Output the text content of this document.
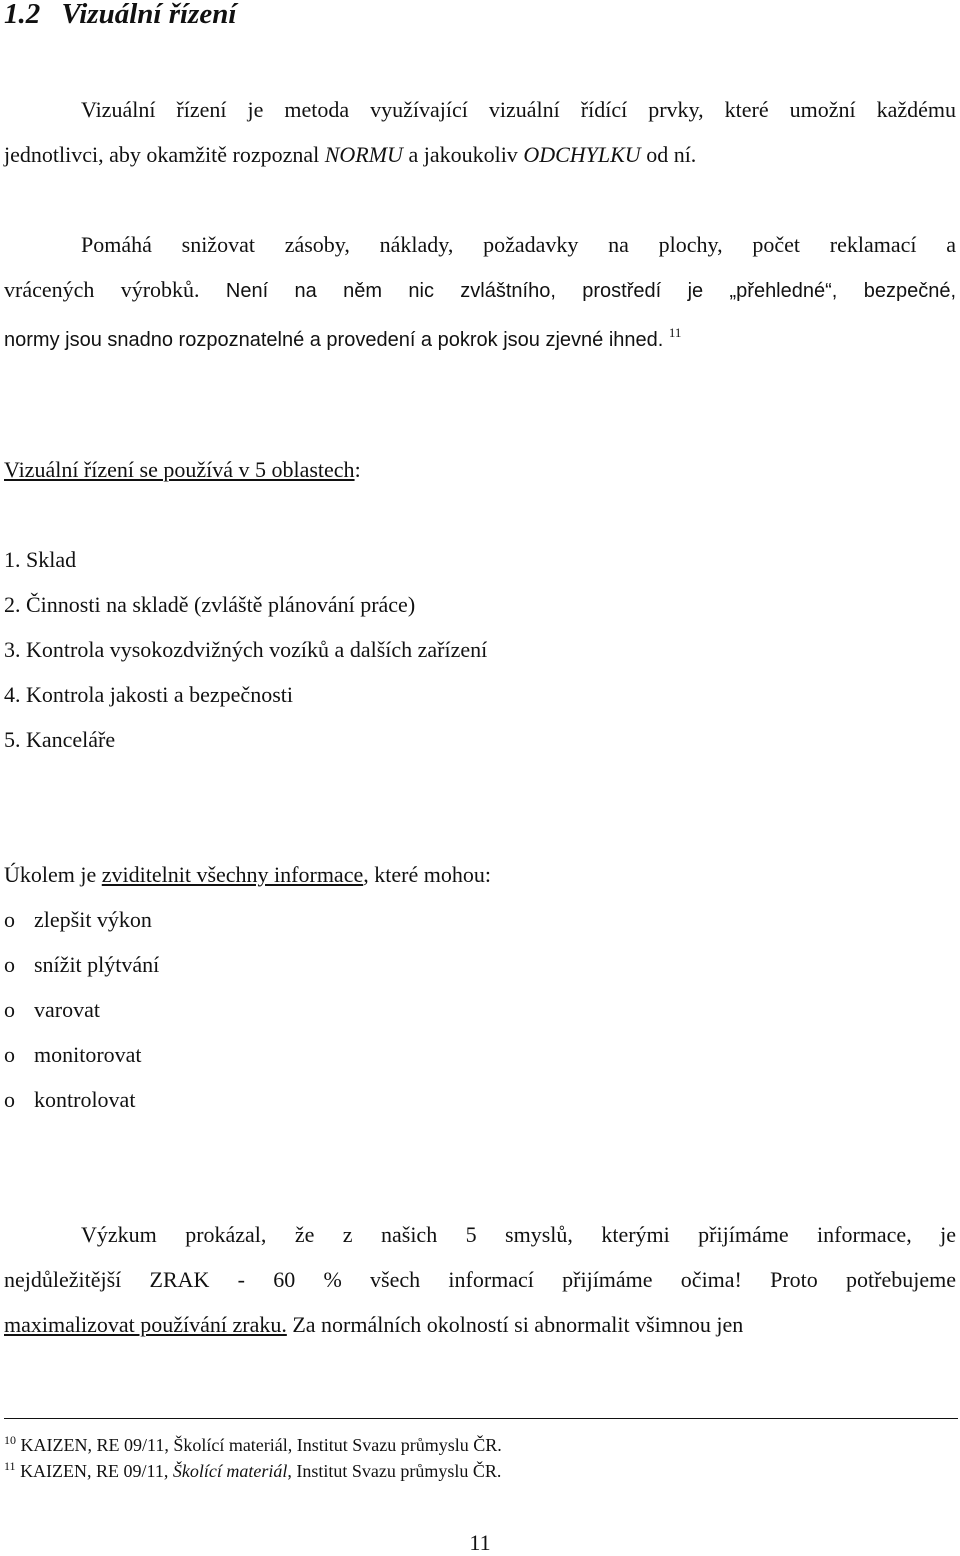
1.2 Vizuální řízení
Vizuální řízení je metoda využívající vizuální řídící prvky, které umožní každému
jednotlivci, aby okamžitě rozpoznal NORMU a jakoukoliv ODCHYLKU od ní.
Pomáhá snižovat zásoby, náklady, požadavky na plochy, počet reklamací a
vrácených výrobků. Není na něm nic zvláštního, prostředí je „přehledné“, bezpečné,
normy jsou snadno rozpoznatelné a provedení a pokrok jsou zjevné ihned. $^{11}$
Vizuální řízení se používá v 5 oblastech:
1. Sklad
2. Činnosti na skladě (zvláště plánování práce)
3. Kontrola vysokozdvižných vozíků a dalších zařízení
4. Kontrola jakosti a bezpečnosti
5. Kanceláře
Úkolem je zviditelnit všechny informace, které mohou:
o zlepšit výkon
o snížit plýtvání
o varovat
o monitorovat
o kontrolovat
Výzkum prokázal, že z našich 5 smyslů, kterými přijímáme informace, je
nejdůležitější ZRAK - 60 % všech informací přijímáme očima! Proto potřebujeme
maximalizovat používání zraku. Za normálních okolností si abnormalit všimnou jen
$^{10}$ KAIZEN, RE 09/11, Školící materiál, Institut Svazu průmyslu ČR.
$^{11}$ KAIZEN, RE 09/11, Školící materiál, Institut Svazu průmyslu ČR.
11
